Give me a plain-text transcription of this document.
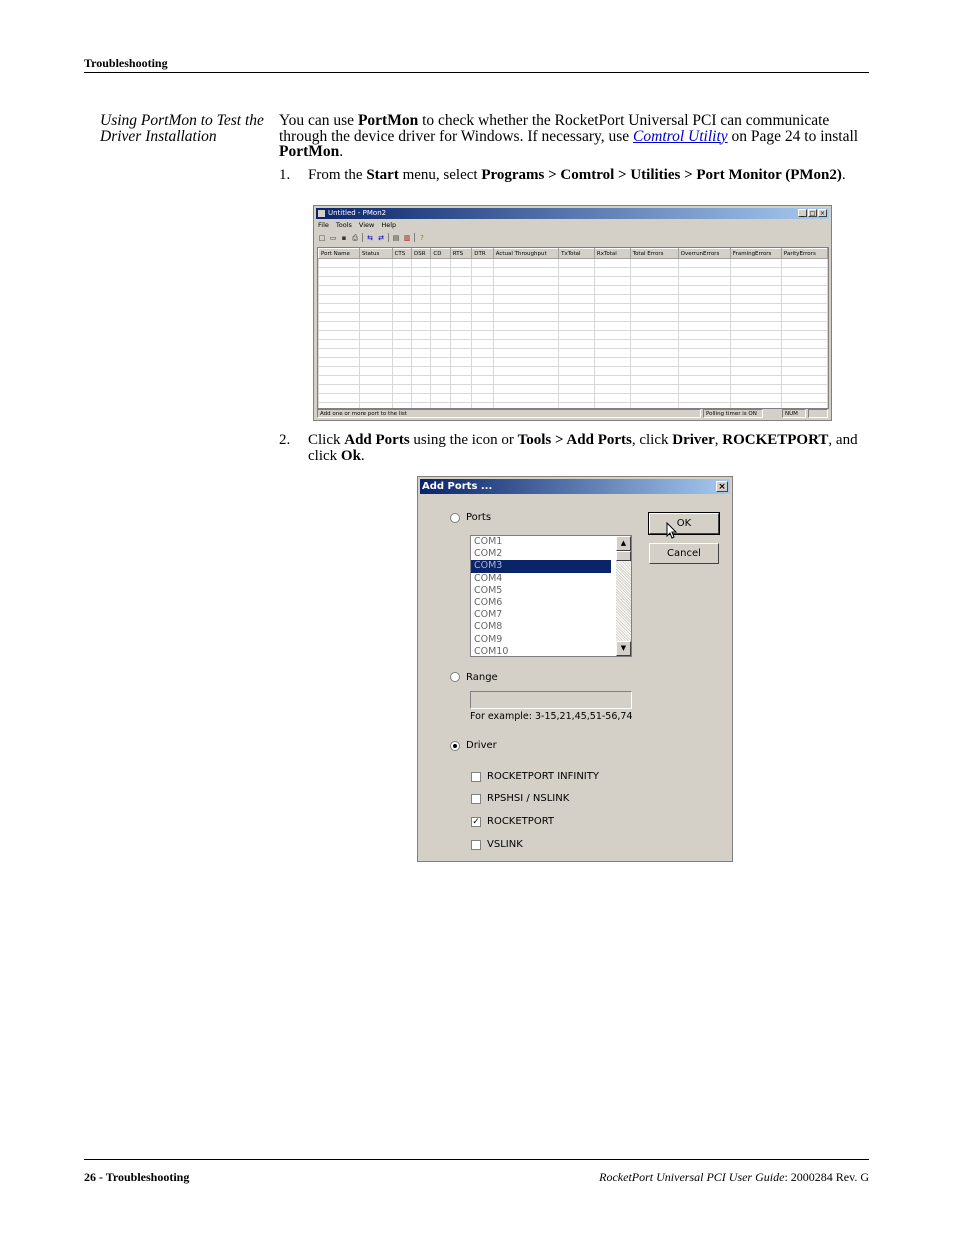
Troubleshooting
Using PortMon to Test the Driver Installation
You can use PortMon to check whether the RocketPort Universal PCI can communicate through the device driver for Windows. If necessary, use Comtrol Utility on Page 24 to install PortMon.
1. From the Start menu, select Programs > Comtrol > Utilities > Port Monitor (PMon2).
Untitled - PMon2	_ □ ×
File Tools View Help
□ ▭ ▪ ⎙ ⇆ ⇄ ▤ ▥	?
Port Name	Status	CTS	DSR	CD	RTS	DTR	Actual Throughput	TxTotal	RxTotal	Total Errors	OverrunErrors	FramingErrors	ParityErrors

Add one or more port to the list	Polling timer is ON	NUM
2. Click Add Ports using the icon or Tools > Add Ports, click Driver, ROCKETPORT, and click Ok.
Add Ports ...	×
Ports
OK
Cancel
COM1
COM2
COM3
COM4
COM5
COM6
COM7
COM8
COM9
COM10
▲
▼
Range
For example: 3-15,21,45,51-56,74
Driver
ROCKETPORT INFINITY
RPSHSI / NSLINK
✓ ROCKETPORT
VSLINK
26 - Troubleshooting	RocketPort Universal PCI User Guide: 2000284 Rev. G
